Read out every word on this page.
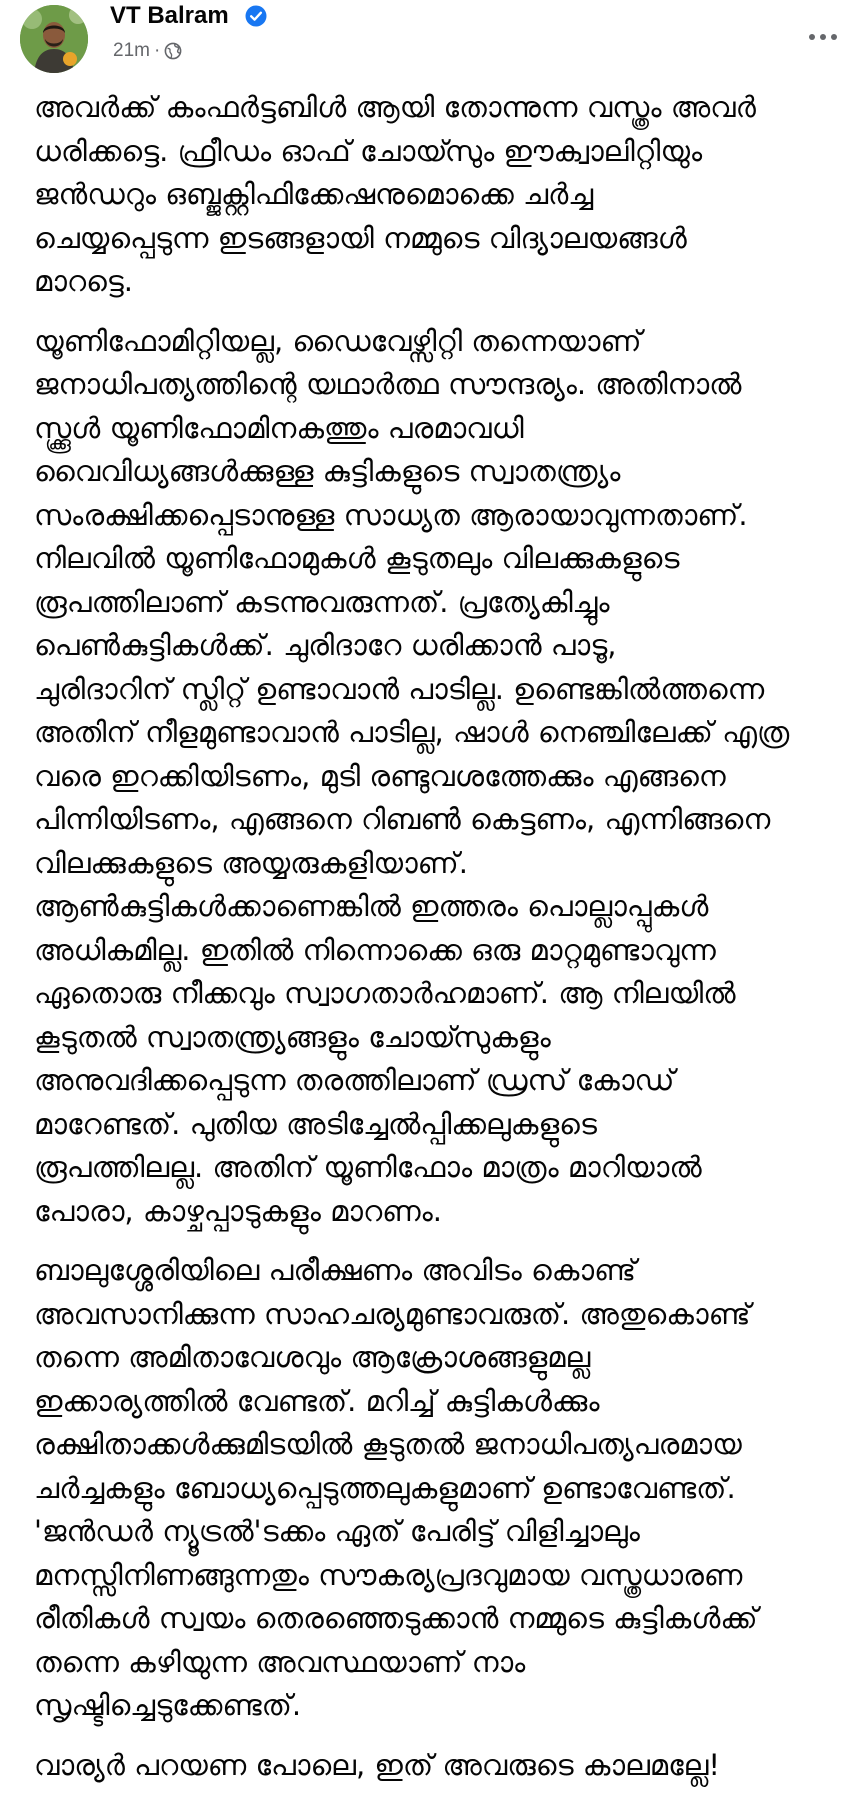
VT Balram
21m ·

അവർക്ക് കംഫർട്ടബിൾ ആയി തോന്നുന്ന വസ്ത്രം അവർ
ധരിക്കട്ടെ. ഫ്രീഡം ഓഫ് ചോയ്സും ഈക്വാലിറ്റിയും
ജൻഡറും ഒബ്ജക്റ്റിഫിക്കേഷനുമൊക്കെ ചർച്ച
ചെയ്യപ്പെടുന്ന ഇടങ്ങളായി നമ്മുടെ വിദ്യാലയങ്ങൾ
മാറട്ടെ.

യൂണിഫോമിറ്റിയല്ല, ഡൈവേഴ്സിറ്റി തന്നെയാണ്
ജനാധിപത്യത്തിന്റെ യഥാർത്ഥ സൗന്ദര്യം. അതിനാൽ
സ്ക്കൂൾ യൂണിഫോമിനകത്തും പരമാവധി
വൈവിധ്യങ്ങൾക്കുള്ള കുട്ടികളുടെ സ്വാതന്ത്ര്യം
സംരക്ഷിക്കപ്പെടാനുള്ള സാധ്യത ആരായാവുന്നതാണ്.
നിലവിൽ യൂണിഫോമുകൾ കൂടുതലും വിലക്കുകളുടെ
രൂപത്തിലാണ് കടന്നുവരുന്നത്. പ്രത്യേകിച്ചും
പെൺകുട്ടികൾക്ക്. ചുരിദാറേ ധരിക്കാൻ പാടൂ,
ചുരിദാറിന് സ്ലിറ്റ് ഉണ്ടാവാൻ പാടില്ല. ഉണ്ടെങ്കിൽത്തന്നെ
അതിന് നീളമുണ്ടാവാൻ പാടില്ല, ഷാൾ നെഞ്ചിലേക്ക് എത്ര
വരെ ഇറക്കിയിടണം, മുടി രണ്ടുവശത്തേക്കും എങ്ങനെ
പിന്നിയിടണം, എങ്ങനെ റിബൺ കെട്ടണം, എന്നിങ്ങനെ
വിലക്കുകളുടെ അയ്യരുകളിയാണ്.
ആൺകുട്ടികൾക്കാണെങ്കിൽ ഇത്തരം പൊല്ലാപ്പുകൾ
അധികമില്ല. ഇതിൽ നിന്നൊക്കെ ഒരു മാറ്റമുണ്ടാവുന്ന
ഏതൊരു നീക്കവും സ്വാഗതാർഹമാണ്. ആ നിലയിൽ
കൂടുതൽ സ്വാതന്ത്ര്യങ്ങളും ചോയ്സുകളും
അനുവദിക്കപ്പെടുന്ന തരത്തിലാണ് ഡ്രസ് കോഡ്
മാറേണ്ടത്. പുതിയ അടിച്ചേൽപ്പിക്കലുകളുടെ
രൂപത്തിലല്ല. അതിന് യൂണിഫോം മാത്രം മാറിയാൽ
പോരാ, കാഴ്ചപ്പാടുകളും മാറണം.

ബാലുശ്ശേരിയിലെ പരീക്ഷണം അവിടം കൊണ്ട്
അവസാനിക്കുന്ന സാഹചര്യമുണ്ടാവരുത്. അതുകൊണ്ട്
തന്നെ അമിതാവേശവും ആക്രോശങ്ങളുമല്ല
ഇക്കാര്യത്തിൽ വേണ്ടത്. മറിച്ച് കുട്ടികൾക്കും
രക്ഷിതാക്കൾക്കുമിടയിൽ കൂടുതൽ ജനാധിപത്യപരമായ
ചർച്ചകളും ബോധ്യപ്പെടുത്തലുകളുമാണ് ഉണ്ടാവേണ്ടത്.
'ജൻഡർ ന്യൂട്രൽ'ടക്കം ഏത് പേരിട്ട് വിളിച്ചാലും
മനസ്സിനിണങ്ങുന്നതും സൗകര്യപ്രദവുമായ വസ്ത്രധാരണ
രീതികൾ സ്വയം തെരഞ്ഞെടുക്കാൻ നമ്മുടെ കുട്ടികൾക്ക്
തന്നെ കഴിയുന്ന അവസ്ഥയാണ് നാം
സൃഷ്ടിച്ചെടുക്കേണ്ടത്.

വാര്യർ പറയണ പോലെ, ഇത് അവരുടെ കാലമല്ലേ!
